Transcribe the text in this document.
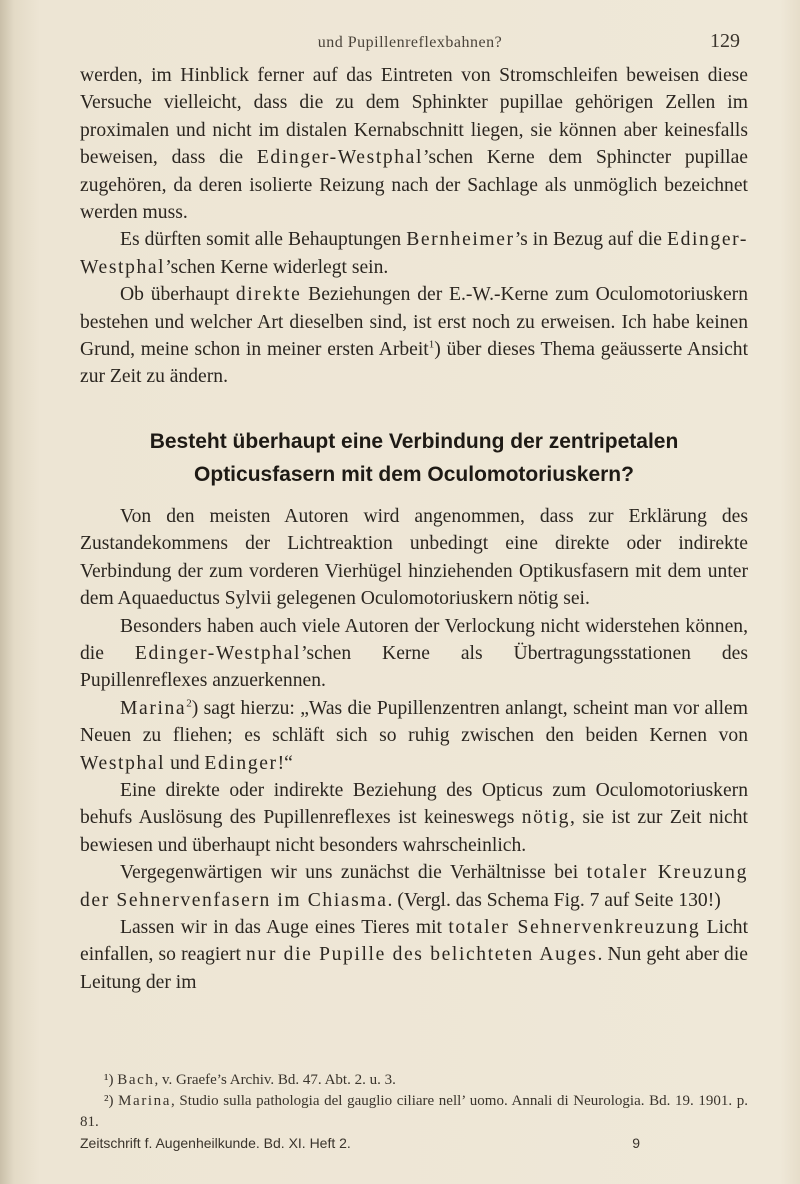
und Pupillenreflexbahnen?	129

werden, im Hinblick ferner auf das Eintreten von Stromschleifen beweisen diese Versuche vielleicht, dass die zu dem Sphinkter pupillae gehörigen Zellen im proximalen und nicht im distalen Kernabschnitt liegen, sie können aber keinesfalls beweisen, dass die Edinger-Westphal’schen Kerne dem Sphincter pupillae zugehören, da deren isolierte Reizung nach der Sachlage als unmöglich bezeichnet werden muss.

Es dürften somit alle Behauptungen Bernheimer’s in Bezug auf die Edinger-Westphal’schen Kerne widerlegt sein.

Ob überhaupt direkte Beziehungen der E.-W.-Kerne zum Oculomotoriuskern bestehen und welcher Art dieselben sind, ist erst noch zu erweisen. Ich habe keinen Grund, meine schon in meiner ersten Arbeit$^1$) über dieses Thema geäusserte Ansicht zur Zeit zu ändern.

Besteht überhaupt eine Verbindung der zentripetalen Opticusfasern mit dem Oculomotoriuskern?

Von den meisten Autoren wird angenommen, dass zur Erklärung des Zustandekommens der Lichtreaktion unbedingt eine direkte oder indirekte Verbindung der zum vorderen Vierhügel hinziehenden Optikusfasern mit dem unter dem Aquaeductus Sylvii gelegenen Oculomotoriuskern nötig sei.

Besonders haben auch viele Autoren der Verlockung nicht widerstehen können, die Edinger-Westphal’schen Kerne als Übertragungsstationen des Pupillenreflexes anzuerkennen.

Marina$^2$) sagt hierzu: „Was die Pupillenzentren anlangt, scheint man vor allem Neuen zu fliehen; es schläft sich so ruhig zwischen den beiden Kernen von Westphal und Edinger!“

Eine direkte oder indirekte Beziehung des Opticus zum Oculomotoriuskern behufs Auslösung des Pupillenreflexes ist keineswegs nötig, sie ist zur Zeit nicht bewiesen und überhaupt nicht besonders wahrscheinlich.

Vergegenwärtigen wir uns zunächst die Verhältnisse bei totaler Kreuzung der Sehnervenfasern im Chiasma. (Vergl. das Schema Fig. 7 auf Seite 130!)

Lassen wir in das Auge eines Tieres mit totaler Sehnervenkreuzung Licht einfallen, so reagiert nur die Pupille des belichteten Auges. Nun geht aber die Leitung der im

¹) Bach, v. Graefe’s Archiv. Bd. 47. Abt. 2. u. 3.

²) Marina, Studio sulla pathologia del gauglio ciliare nell’ uomo. Annali di Neurologia. Bd. 19. 1901. p. 81.

Zeitschrift f. Augenheilkunde. Bd. XI. Heft 2.	9
